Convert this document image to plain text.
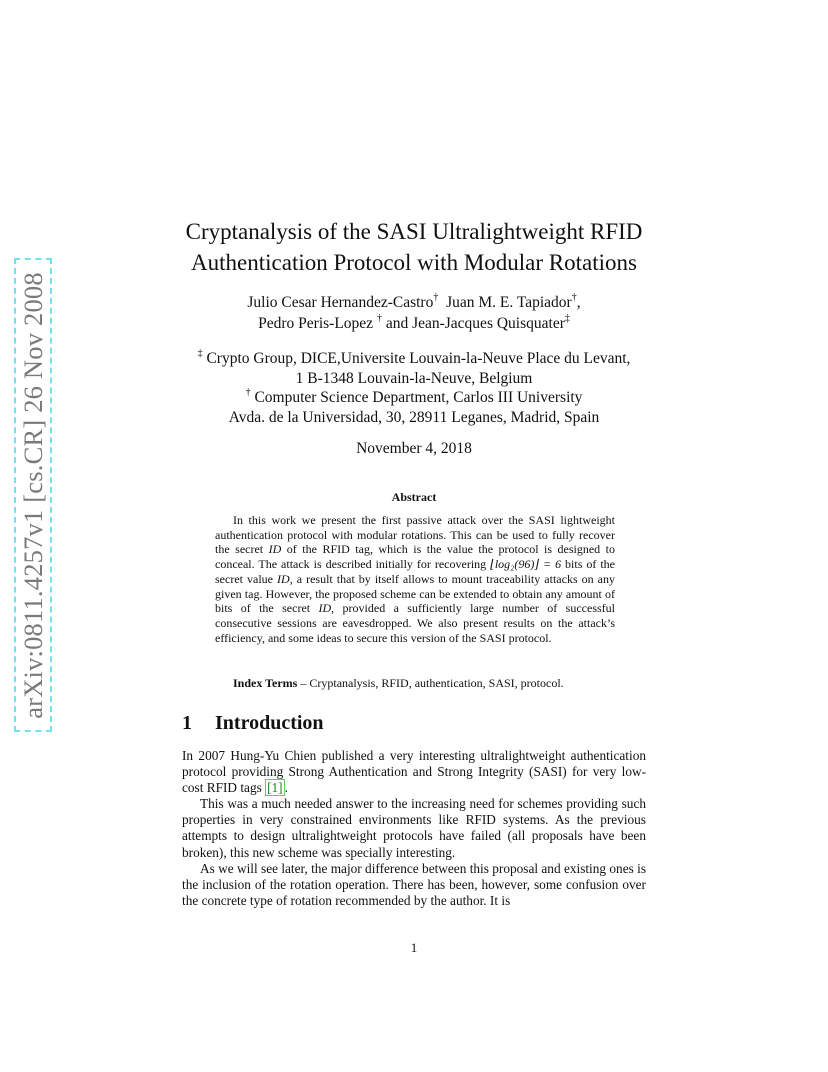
arXiv:0811.4257v1 [cs.CR] 26 Nov 2008
Cryptanalysis of the SASI Ultralightweight RFID
Authentication Protocol with Modular Rotations
Julio Cesar Hernandez-Castro† Juan M. E. Tapiador†,
Pedro Peris-Lopez † and Jean-Jacques Quisquater‡
‡ Crypto Group, DICE,Universite Louvain-la-Neuve Place du Levant,
1 B-1348 Louvain-la-Neuve, Belgium
† Computer Science Department, Carlos III University
Avda. de la Universidad, 30, 28911 Leganes, Madrid, Spain
November 4, 2018
Abstract

In this work we present the first passive attack over the SASI lightweight authentication protocol with modular rotations. This can be used to fully recover the secret ID of the RFID tag, which is the value the protocol is designed to conceal. The attack is described initially for recovering ⌊log₂(96)⌋ = 6 bits of the secret value ID, a result that by itself allows to mount traceability attacks on any given tag. However, the proposed scheme can be extended to obtain any amount of bits of the secret ID, provided a sufficiently large number of successful consecutive sessions are eavesdropped. We also present results on the attack’s efficiency, and some ideas to secure this version of the SASI protocol.

Index Terms – Cryptanalysis, RFID, authentication, SASI, protocol.
1 Introduction

In 2007 Hung-Yu Chien published a very interesting ultralightweight authentication protocol providing Strong Authentication and Strong Integrity (SASI) for very low-cost RFID tags [1] .

This was a much needed answer to the increasing need for schemes providing such properties in very constrained environments like RFID systems. As the previous attempts to design ultralightweight protocols have failed (all proposals have been broken), this new scheme was specially interesting.

As we will see later, the major difference between this proposal and existing ones is the inclusion of the rotation operation. There has been, however, some confusion over the concrete type of rotation recommended by the author. It is

1
